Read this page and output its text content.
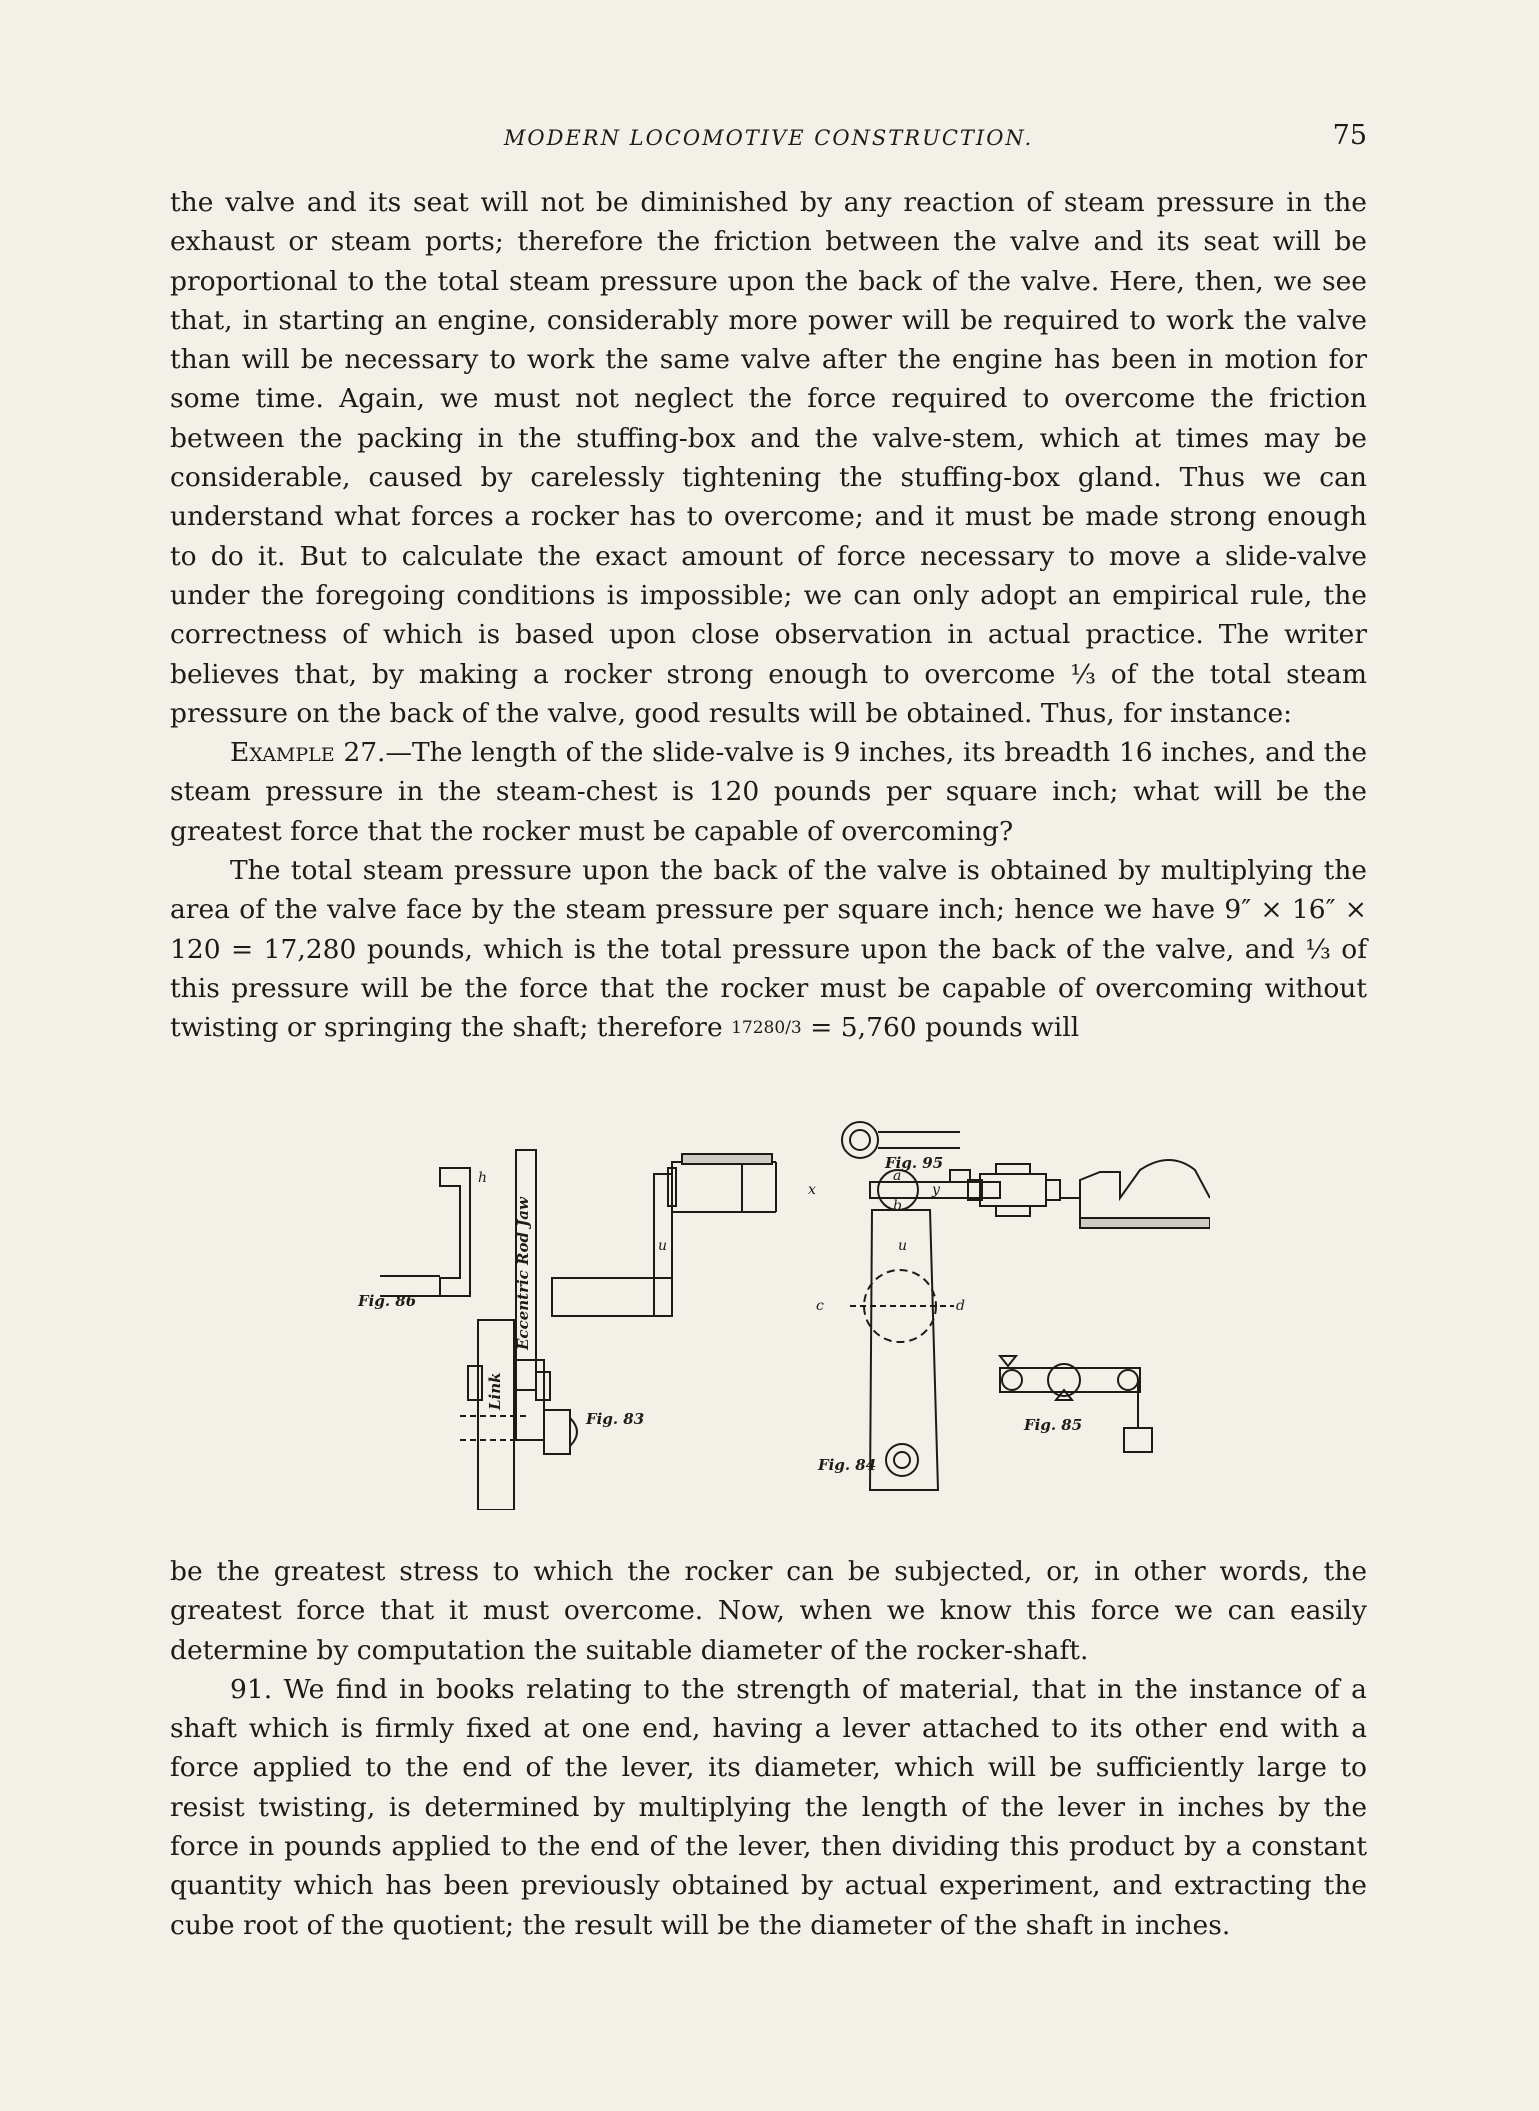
MODERN LOCOMOTIVE CONSTRUCTION.	75

the valve and its seat will not be diminished by any reaction of steam pressure in the exhaust or steam ports; therefore the friction between the valve and its seat will be proportional to the total steam pressure upon the back of the valve. Here, then, we see that, in starting an engine, considerably more power will be required to work the valve than will be necessary to work the same valve after the engine has been in motion for some time. Again, we must not neglect the force required to overcome the friction between the packing in the stuffing-box and the valve-stem, which at times may be considerable, caused by carelessly tightening the stuffing-box gland. Thus we can understand what forces a rocker has to overcome; and it must be made strong enough to do it. But to calculate the exact amount of force necessary to move a slide-valve under the foregoing conditions is impossible; we can only adopt an empirical rule, the correctness of which is based upon close observation in actual practice. The writer believes that, by making a rocker strong enough to overcome ⅓ of the total steam pressure on the back of the valve, good results will be obtained. Thus, for instance:

Example 27.—The length of the slide-valve is 9 inches, its breadth 16 inches, and the steam pressure in the steam-chest is 120 pounds per square inch; what will be the greatest force that the rocker must be capable of overcoming?

The total steam pressure upon the back of the valve is obtained by multiplying the area of the valve face by the steam pressure per square inch; hence we have 9″ × 16″ × 120 = 17,280 pounds, which is the total pressure upon the back of the valve, and ⅓ of this pressure will be the force that the rocker must be capable of overcoming without twisting or springing the shaft; therefore 17280/3 = 5,760 pounds will

Fig. 86
Fig. 83
Fig. 84
Fig. 85
Fig. 95
Eccentric Rod Jaw
Link
h
u	u
a
b
y
x
c	d

be the greatest stress to which the rocker can be subjected, or, in other words, the greatest force that it must overcome. Now, when we know this force we can easily determine by computation the suitable diameter of the rocker-shaft.

91. We find in books relating to the strength of material, that in the instance of a shaft which is firmly fixed at one end, having a lever attached to its other end with a force applied to the end of the lever, its diameter, which will be sufficiently large to resist twisting, is determined by multiplying the length of the lever in inches by the force in pounds applied to the end of the lever, then dividing this product by a constant quantity which has been previously obtained by actual experiment, and extracting the cube root of the quotient; the result will be the diameter of the shaft in inches.
